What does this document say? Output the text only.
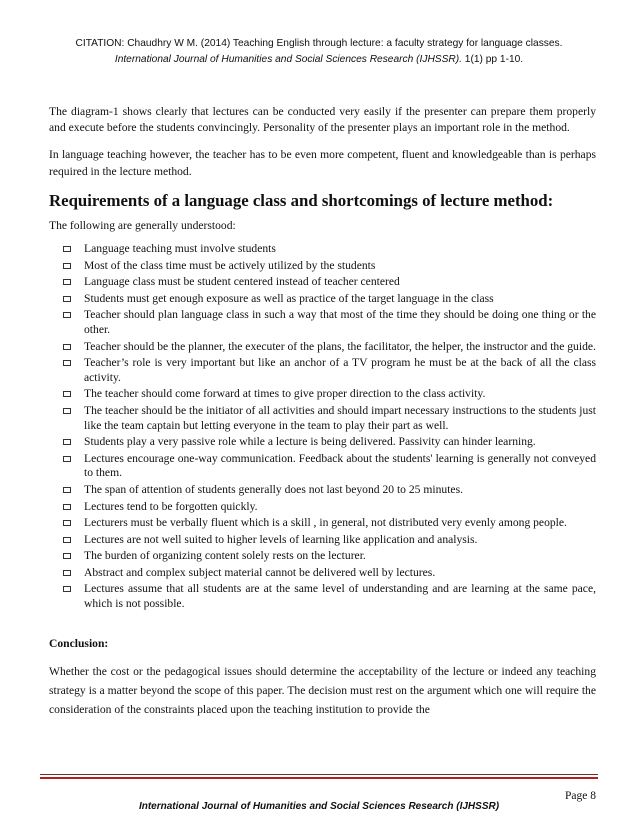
CITATION: Chaudhry W M. (2014) Teaching English through lecture: a faculty strategy for language classes.
International Journal of Humanities and Social Sciences Research (IJHSSR). 1(1) pp 1-10.

The diagram-1 shows clearly that lectures can be conducted very easily if the presenter can prepare them properly and execute before the students convincingly. Personality of the presenter plays an important role in the method.

In language teaching however, the teacher has to be even more competent, fluent and knowledgeable than is perhaps required in the lecture method.

Requirements of a language class and shortcomings of lecture method:

The following are generally understood:

Language teaching must involve students
Most of the class time must be actively utilized by the students
Language class must be student centered instead of teacher centered
Students must get enough exposure as well as practice of the target language in the class
Teacher should plan language class in such a way that most of the time they should be doing one thing or the other.
Teacher should be the planner, the executer of the plans, the facilitator, the helper, the instructor and the guide.
Teacher’s role is very important but like an anchor of a TV program he must be at the back of all the class activity.
The teacher should come forward at times to give proper direction to the class activity.
The teacher should be the initiator of all activities and should impart necessary instructions to the students just like the team captain but letting everyone in the team to play their part as well.
Students play a very passive role while a lecture is being delivered. Passivity can hinder learning.
Lectures encourage one-way communication. Feedback about the students' learning is generally not conveyed to them.
The span of attention of students generally does not last beyond 20 to 25 minutes.
Lectures tend to be forgotten quickly.
Lecturers must be verbally fluent which is a skill , in general, not distributed very evenly among people.
Lectures are not well suited to higher levels of learning like application and analysis.
The burden of organizing content solely rests on the lecturer.
Abstract and complex subject material cannot be delivered well by lectures.
Lectures assume that all students are at the same level of understanding and are learning at the same pace, which is not possible.
Conclusion:

Whether the cost or the pedagogical issues should determine the acceptability of the lecture or indeed any teaching strategy is a matter beyond the scope of this paper. The decision must rest on the argument which one will require the consideration of the constraints placed upon the teaching institution to provide the

Page 8
International Journal of Humanities and Social Sciences Research (IJHSSR)
